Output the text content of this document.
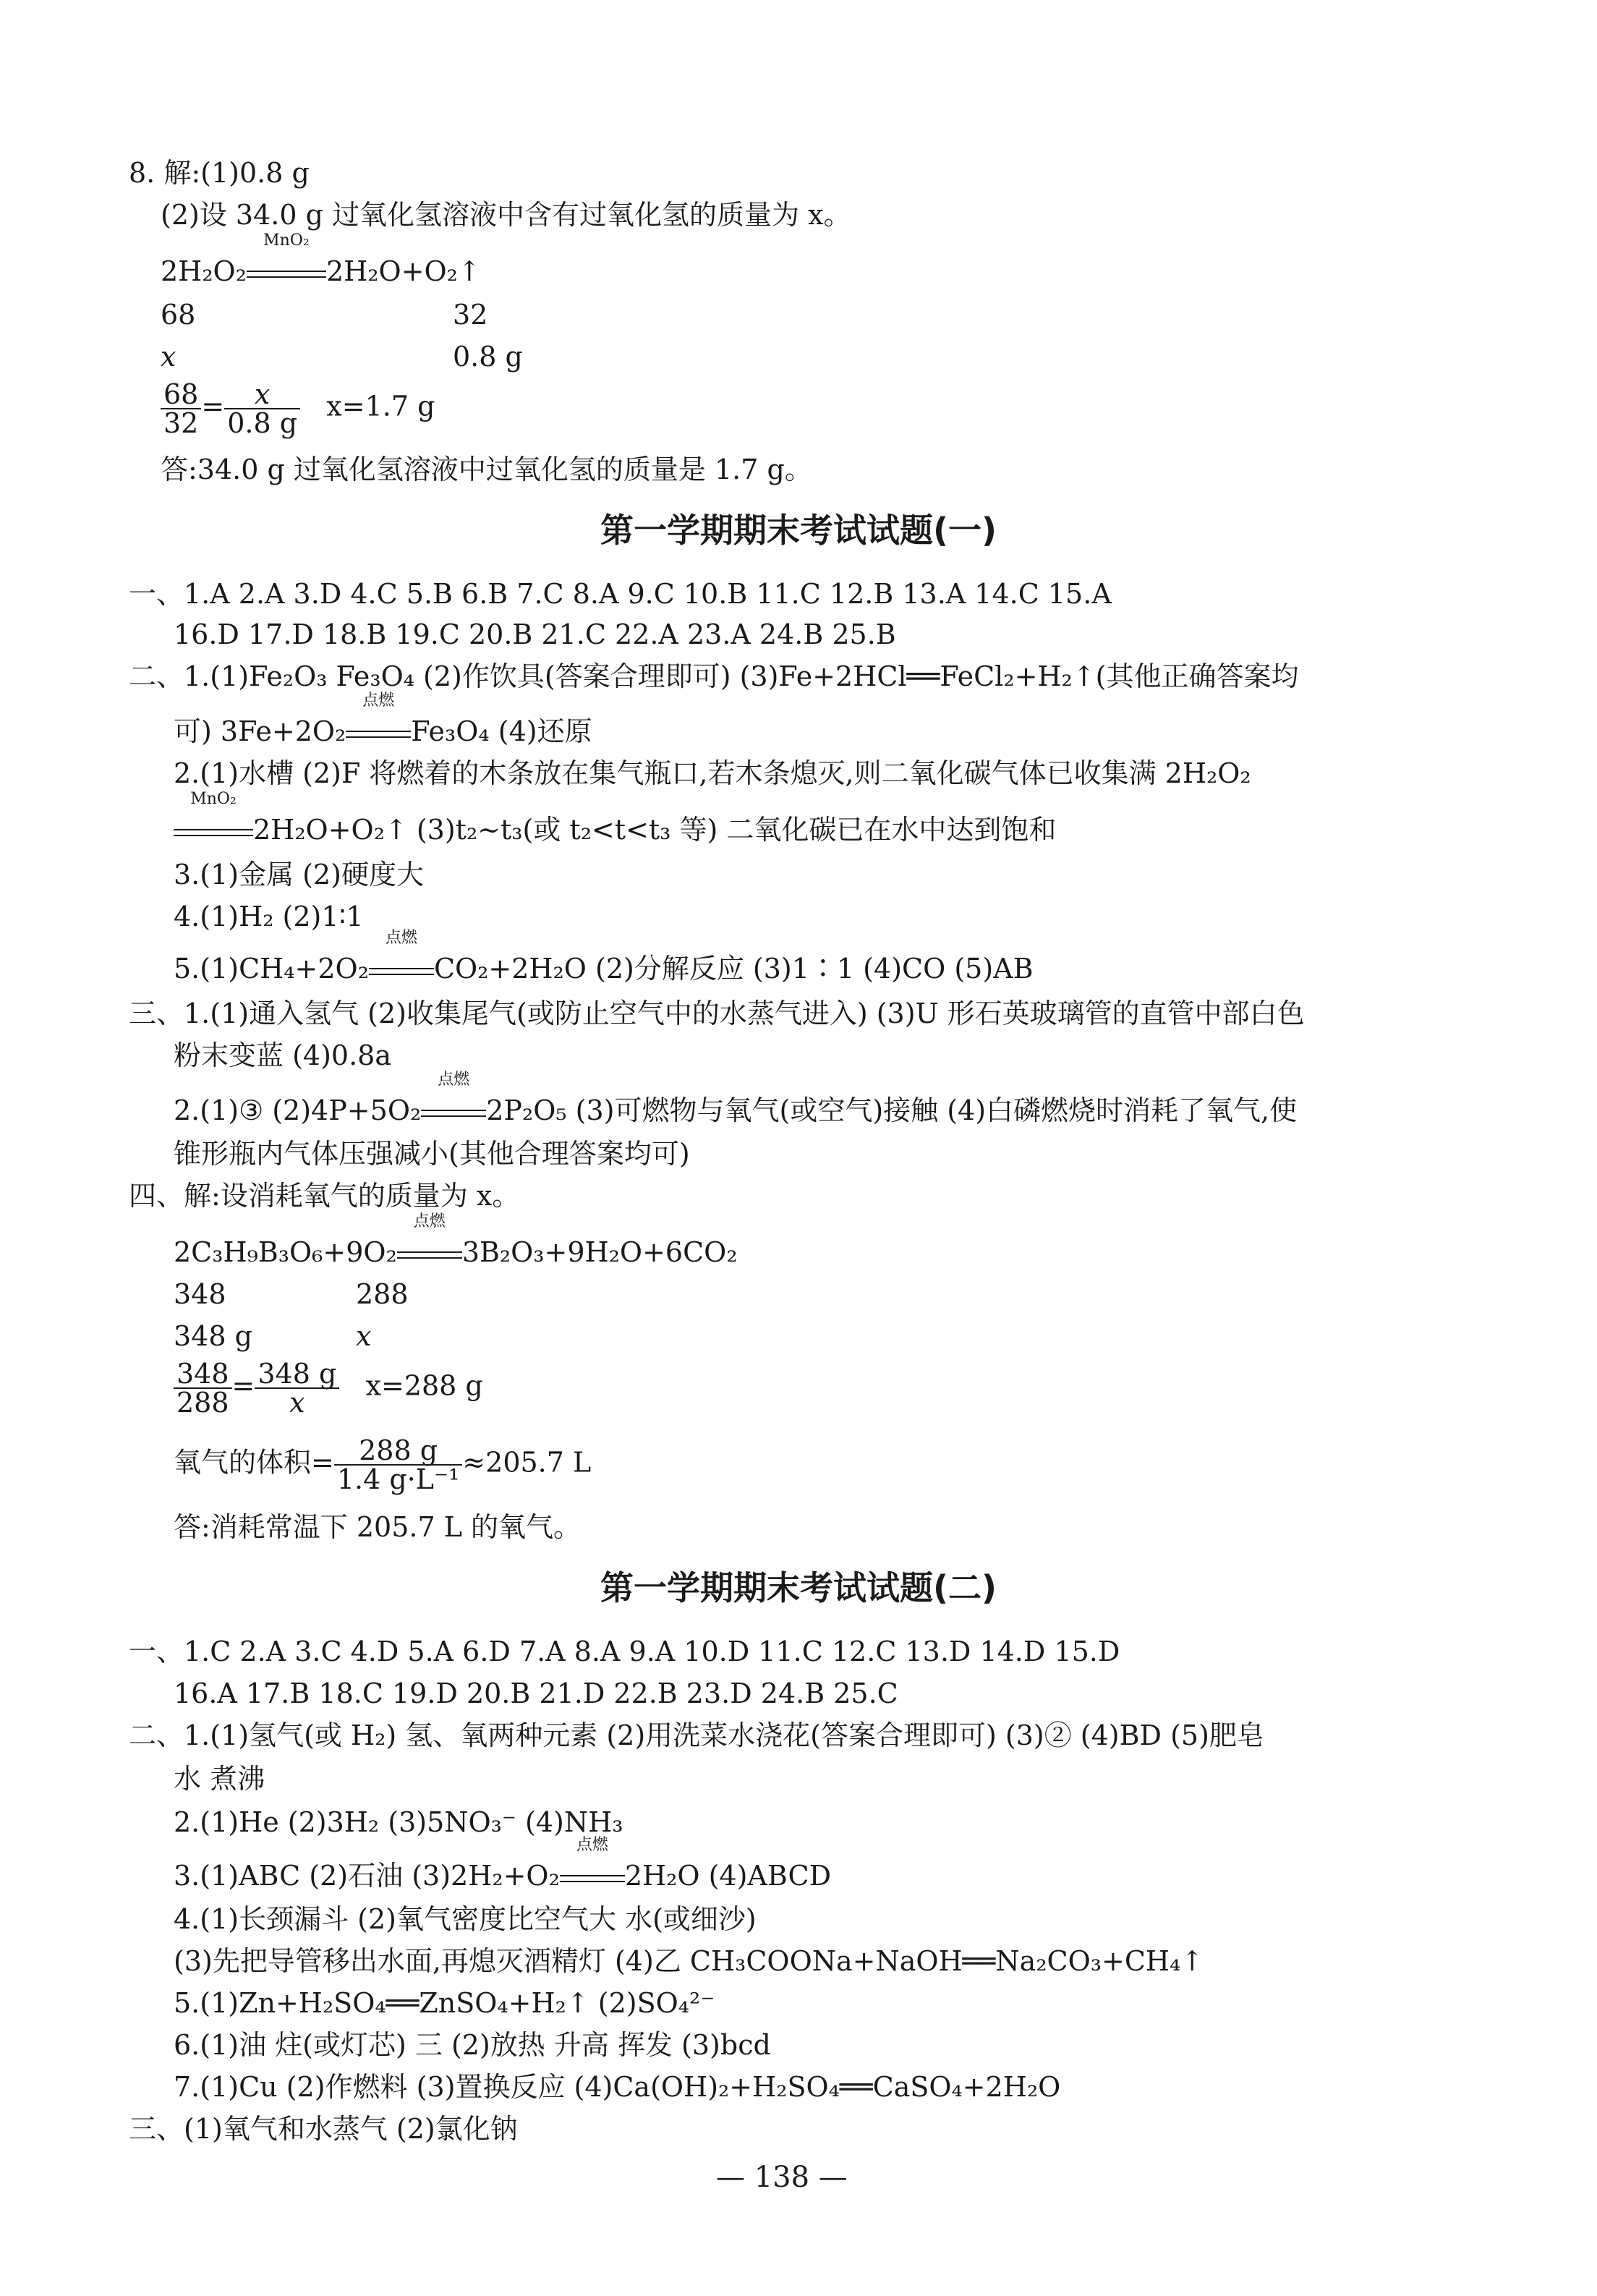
8. 解:(1)0.8 g
(2)设 34.0 g 过氧化氢溶液中含有过氧化氢的质量为 x。
2H₂O₂
MnO₂
2H₂O+O₂↑
68	32
x	0.8 g
$\frac{68}{32} = \frac{x}{0.8 g} x=1.7$ g
答:34.0 g 过氧化氢溶液中过氧化氢的质量是 1.7 g。
第一学期期末考试试题(一)
一、1.A 2.A 3.D 4.C 5.B 6.B 7.C 8.A 9.C 10.B 11.C 12.B 13.A 14.C 15.A
16.D 17.D 18.B 19.C 20.B 21.C 22.A 23.A 24.B 25.B
二、1.(1)Fe₂O₃ Fe₃O₄ (2)作饮具(答案合理即可) (3)Fe+2HCl══FeCl₂+H₂↑(其他正确答案均
可) 3Fe+2O₂
点燃
Fe₃O₄ (4)还原
2.(1)水槽 (2)F 将燃着的木条放在集气瓶口,若木条熄灭,则二氧化碳气体已收集满 2H₂O₂
MnO₂
2H₂O+O₂↑ (3)t₂~t₃(或 t₂<t<t₃ 等) 二氧化碳已在水中达到饱和
3.(1)金属 (2)硬度大
4.(1)H₂ (2)1∶1
5.(1)CH₄+2O₂
点燃
CO₂+2H₂O (2)分解反应 (3)1∶1 (4)CO (5)AB
三、1.(1)通入氢气 (2)收集尾气(或防止空气中的水蒸气进入) (3)U 形石英玻璃管的直管中部白色
粉末变蓝 (4)0.8a
2.(1)③ (2)4P+5O₂
点燃
2P₂O₅ (3)可燃物与氧气(或空气)接触 (4)白磷燃烧时消耗了氧气,使
锥形瓶内气体压强减小(其他合理答案均可)
四、解:设消耗氧气的质量为 x。
2C₃H₉B₃O₆+9O₂
点燃
3B₂O₃+9H₂O+6CO₂
348	288
348 g	x
$\frac{348}{288} = \frac{348 g}{x} x=288$ g
氧气的体积= $\frac{288 g}{\text{1.4 g·L⁻¹}} \approx 205.7$ L
答:消耗常温下 205.7 L 的氧气。
第一学期期末考试试题(二)
一、1.C 2.A 3.C 4.D 5.A 6.D 7.A 8.A 9.A 10.D 11.C 12.C 13.D 14.D 15.D
16.A 17.B 18.C 19.D 20.B 21.D 22.B 23.D 24.B 25.C
二、1.(1)氢气(或 H₂) 氢、氧两种元素 (2)用洗菜水浇花(答案合理即可) (3)② (4)BD (5)肥皂
水 煮沸
2.(1)He (2)3H₂ (3)5NO₃⁻ (4)NH₃
3.(1)ABC (2)石油 (3)2H₂+O₂
点燃
2H₂O (4)ABCD
4.(1)长颈漏斗 (2)氧气密度比空气大 水(或细沙)
(3)先把导管移出水面,再熄灭酒精灯 (4)乙 CH₃COONa+NaOH══Na₂CO₃+CH₄↑
5.(1)Zn+H₂SO₄══ZnSO₄+H₂↑ (2)SO₄²⁻
6.(1)油 炷(或灯芯) 三 (2)放热 升高 挥发 (3)bcd
7.(1)Cu (2)作燃料 (3)置换反应 (4)Ca(OH)₂+H₂SO₄══CaSO₄+2H₂O
三、(1)氧气和水蒸气 (2)氯化钠
— 138 —
